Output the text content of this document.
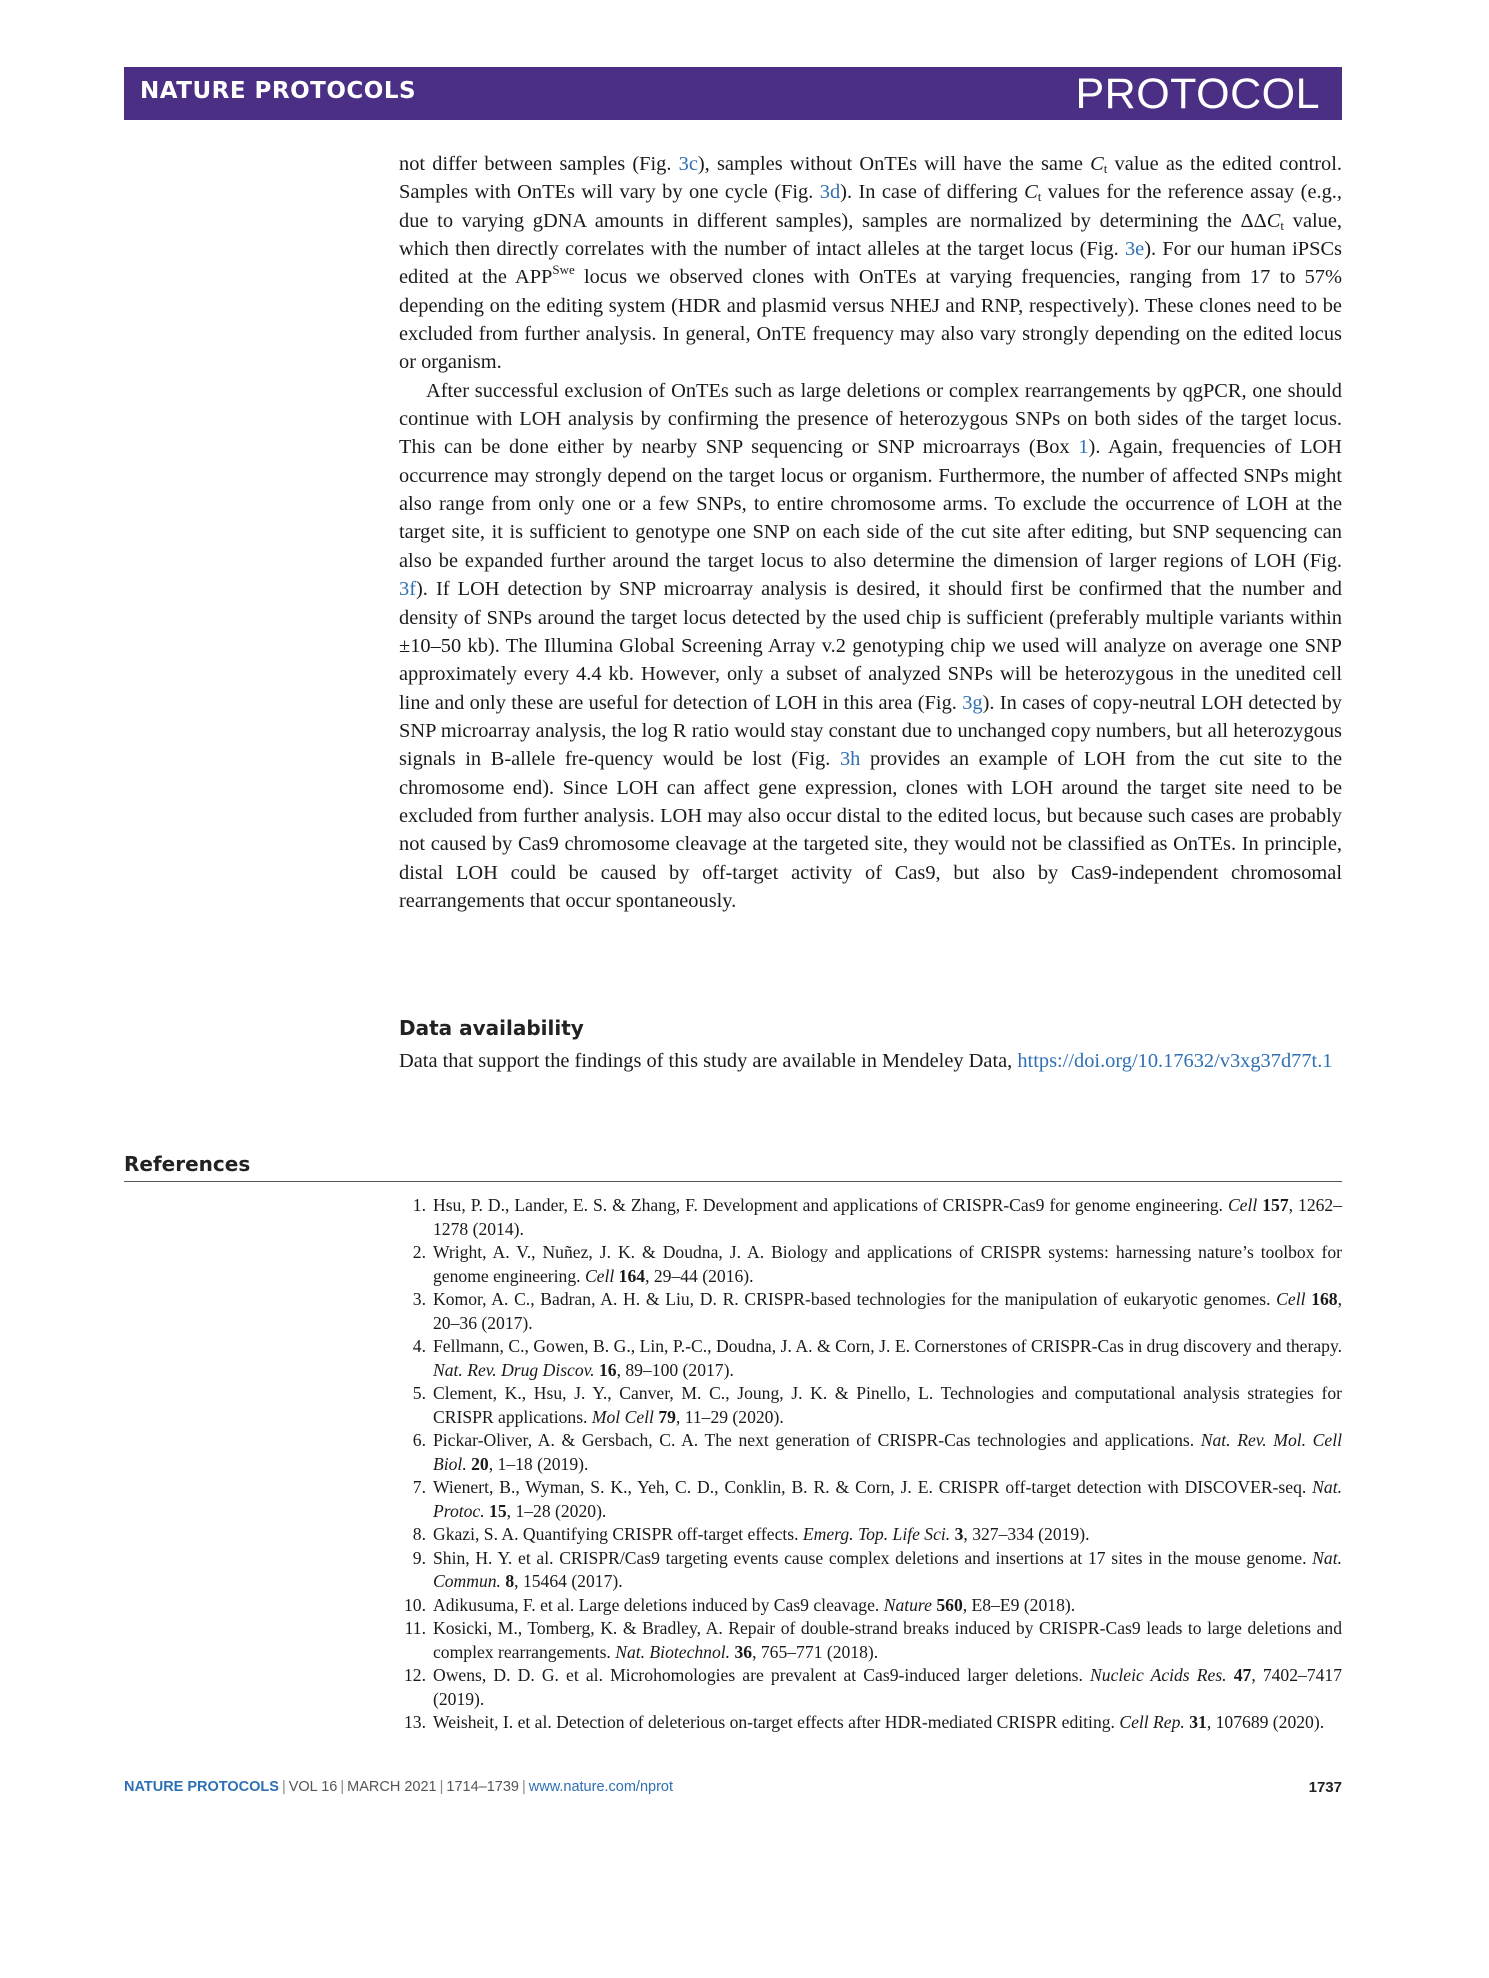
NATURE PROTOCOLS	PROTOCOL

not differ between samples (Fig. 3c), samples without OnTEs will have the same $C_t$ value as the edited control. Samples with OnTEs will vary by one cycle (Fig. 3d). In case of differing $C_t$ values for the reference assay (e.g., due to varying gDNA amounts in different samples), samples are normalized by determining the $\Delta\Delta C_t$ value, which then directly correlates with the number of intact alleles at the target locus (Fig. 3e). For our human iPSCs edited at the $APP^{Swe}$ locus we observed clones with OnTEs at varying frequencies, ranging from 17 to 57% depending on the editing system (HDR and plasmid versus NHEJ and RNP, respectively). These clones need to be excluded from further analysis. In general, OnTE frequency may also vary strongly depending on the edited locus or organism.

After successful exclusion of OnTEs such as large deletions or complex rearrangements by qgPCR, one should continue with LOH analysis by confirming the presence of heterozygous SNPs on both sides of the target locus. This can be done either by nearby SNP sequencing or SNP microarrays (Box 1). Again, frequencies of LOH occurrence may strongly depend on the target locus or organism. Furthermore, the number of affected SNPs might also range from only one or a few SNPs, to entire chromosome arms. To exclude the occurrence of LOH at the target site, it is sufficient to genotype one SNP on each side of the cut site after editing, but SNP sequencing can also be expanded further around the target locus to also determine the dimension of larger regions of LOH (Fig. 3f). If LOH detection by SNP microarray analysis is desired, it should first be confirmed that the number and density of SNPs around the target locus detected by the used chip is sufficient (preferably multiple variants within ±10–50 kb). The Illumina Global Screening Array v.2 genotyping chip we used will analyze on average one SNP approximately every 4.4 kb. However, only a subset of analyzed SNPs will be heterozygous in the unedited cell line and only these are useful for detection of LOH in this area (Fig. 3g). In cases of copy-neutral LOH detected by SNP microarray analysis, the log R ratio would stay constant due to unchanged copy numbers, but all heterozygous signals in B-allele fre-quency would be lost (Fig. 3h provides an example of LOH from the cut site to the chromosome end). Since LOH can affect gene expression, clones with LOH around the target site need to be excluded from further analysis. LOH may also occur distal to the edited locus, but because such cases are probably not caused by Cas9 chromosome cleavage at the targeted site, they would not be classified as OnTEs. In principle, distal LOH could be caused by off-target activity of Cas9, but also by Cas9-independent chromosomal rearrangements that occur spontaneously.

Data availability
Data that support the findings of this study are available in Mendeley Data, https://doi.org/10.17632/v3xg37d77t.1
References
1. Hsu, P. D., Lander, E. S. & Zhang, F. Development and applications of CRISPR-Cas9 for genome engineering. Cell 157, 1262–1278 (2014).
2. Wright, A. V., Nuñez, J. K. & Doudna, J. A. Biology and applications of CRISPR systems: harnessing nature’s toolbox for genome engineering. Cell 164, 29–44 (2016).
3. Komor, A. C., Badran, A. H. & Liu, D. R. CRISPR-based technologies for the manipulation of eukaryotic genomes. Cell 168, 20–36 (2017).
4. Fellmann, C., Gowen, B. G., Lin, P.-C., Doudna, J. A. & Corn, J. E. Cornerstones of CRISPR-Cas in drug discovery and therapy. Nat. Rev. Drug Discov. 16, 89–100 (2017).
5. Clement, K., Hsu, J. Y., Canver, M. C., Joung, J. K. & Pinello, L. Technologies and computational analysis strategies for CRISPR applications. Mol Cell 79, 11–29 (2020).
6. Pickar-Oliver, A. & Gersbach, C. A. The next generation of CRISPR-Cas technologies and applications. Nat. Rev. Mol. Cell Biol. 20, 1–18 (2019).
7. Wienert, B., Wyman, S. K., Yeh, C. D., Conklin, B. R. & Corn, J. E. CRISPR off-target detection with DISCOVER-seq. Nat. Protoc. 15, 1–28 (2020).
8. Gkazi, S. A. Quantifying CRISPR off-target effects. Emerg. Top. Life Sci. 3, 327–334 (2019).
9. Shin, H. Y. et al. CRISPR/Cas9 targeting events cause complex deletions and insertions at 17 sites in the mouse genome. Nat. Commun. 8, 15464 (2017).
10. Adikusuma, F. et al. Large deletions induced by Cas9 cleavage. Nature 560, E8–E9 (2018).
11. Kosicki, M., Tomberg, K. & Bradley, A. Repair of double-strand breaks induced by CRISPR-Cas9 leads to large deletions and complex rearrangements. Nat. Biotechnol. 36, 765–771 (2018).
12. Owens, D. D. G. et al. Microhomologies are prevalent at Cas9-induced larger deletions. Nucleic Acids Res. 47, 7402–7417 (2019).
13. Weisheit, I. et al. Detection of deleterious on-target effects after HDR-mediated CRISPR editing. Cell Rep. 31, 107689 (2020).
NATURE PROTOCOLS | VOL 16 | MARCH 2021 | 1714–1739 | www.nature.com/nprot	1737
